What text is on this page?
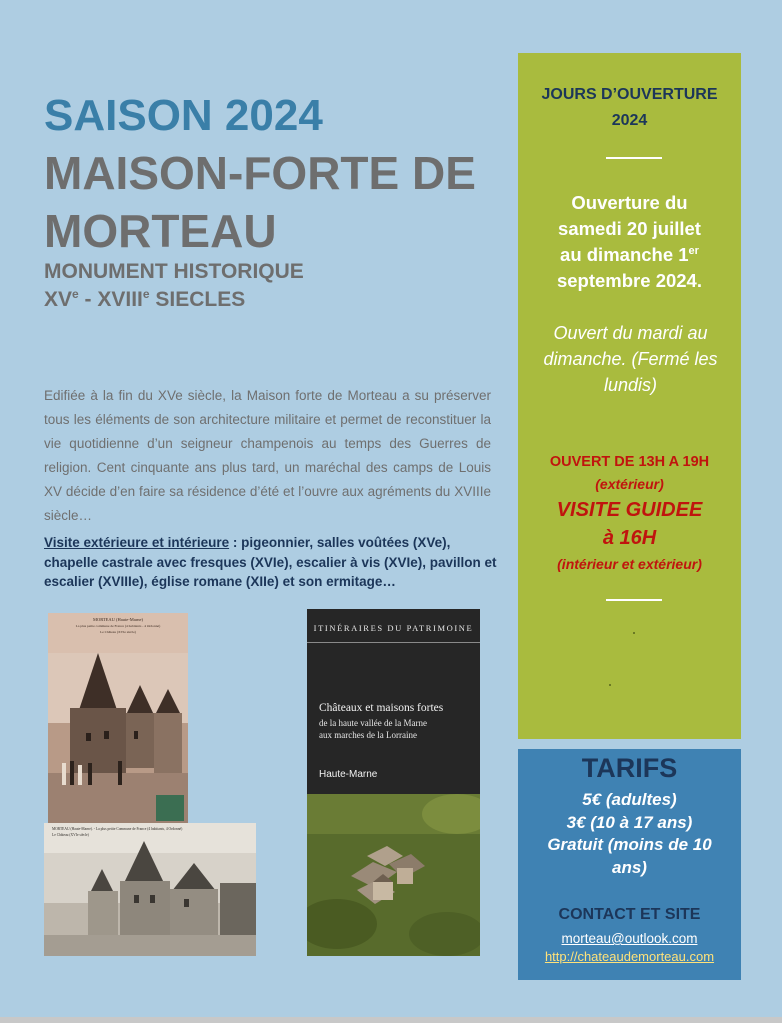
SAISON 2024
MAISON-FORTE DE MORTEAU
MONUMENT HISTORIQUE
XVe - XVIIIe SIECLES
Edifiée à la fin du XVe siècle, la Maison forte de Morteau a su préserver tous les éléments de son architecture militaire et permet de reconstituer la vie quotidienne d’un seigneur champenois au temps des Guerres de religion. Cent cinquante ans plus tard, un maréchal des camps de Louis XV décide d’en faire sa résidence d’été et l’ouvre aux agréments du XVIIIe siècle…
Visite extérieure et intérieure : pigeonnier, salles voûtées (XVe), chapelle castrale avec fresques (XVIe), escalier à vis (XVIe), pavillon et escalier (XVIIIe), église romane (XIIe) et son ermitage…
MORTEAU (Haute-Marne)
La plus petite commune de France (4 habitants - 4 Ordonné)
Le Château (XVIe siècle)
MORTEAU (Haute-Marne). - La plus petite Commune de France (4 habitants, 4 Ordonné)
Le Château (XVIe siècle)
ITINÉRAIRES DU PATRIMOINE
Châteaux et maisons fortes
de la haute vallée de la Marne
aux marches de la Lorraine
Haute-Marne
JOURS D’OUVERTURE
2024
Ouverture du
samedi 20 juillet
au dimanche 1er
septembre 2024.
Ouvert du mardi au dimanche. (Fermé les lundis)
OUVERT DE 13H A 19H
(extérieur)
VISITE GUIDEE
à 16H
(intérieur et extérieur)
TARIFS
5€ (adultes)
3€ (10 à 17 ans)
Gratuit (moins de 10 ans)
CONTACT ET SITE
morteau@outlook.com
http://chateaudemorteau.com
